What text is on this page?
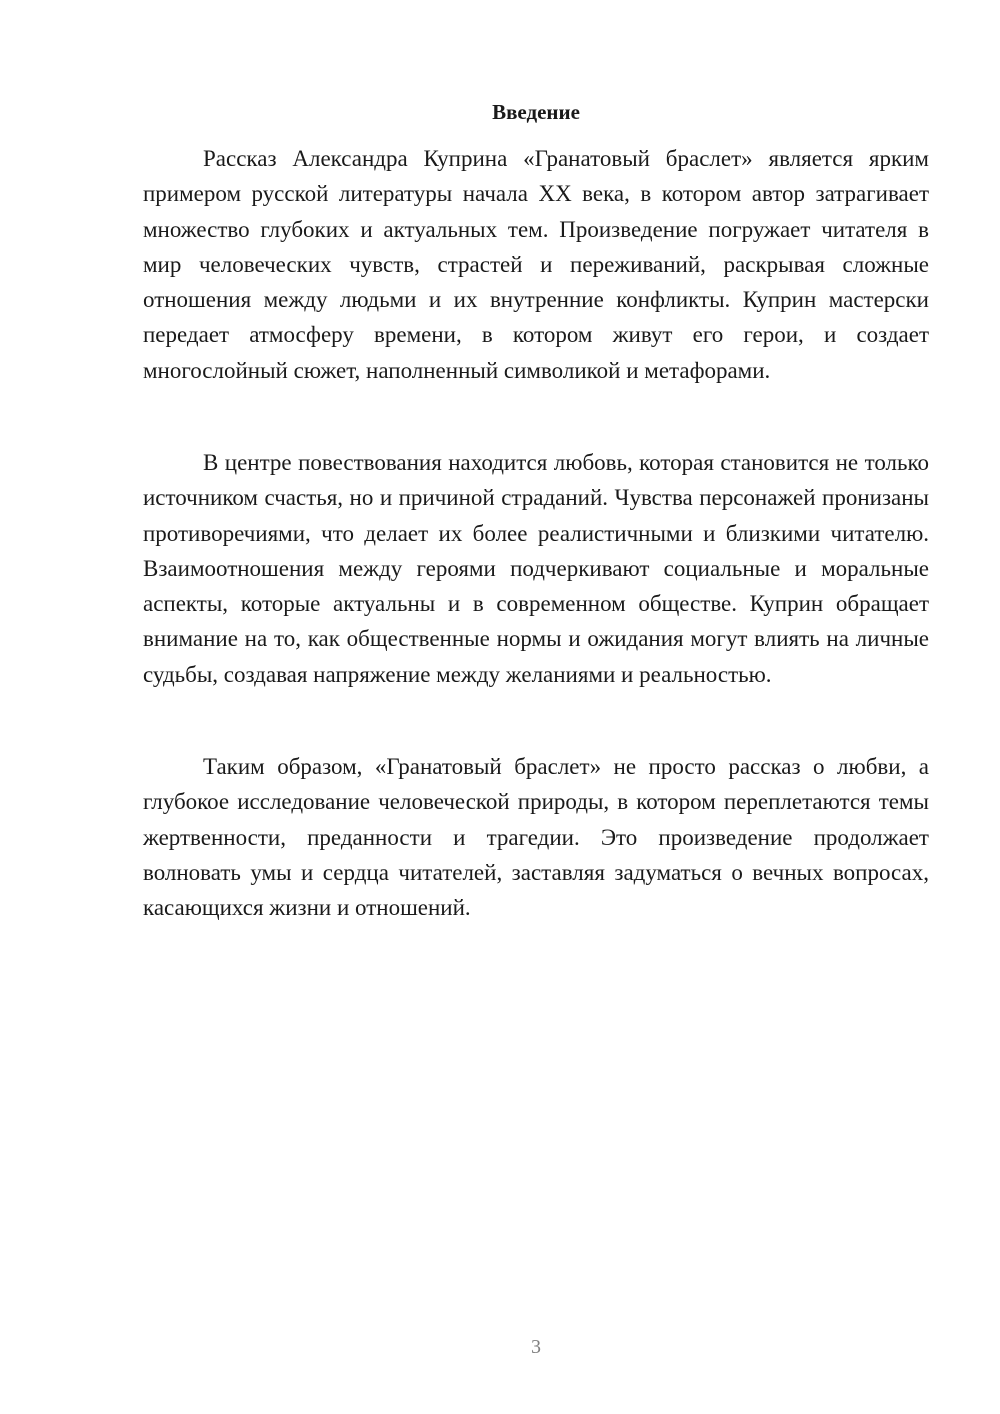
Введение

Рассказ Александра Куприна «Гранатовый браслет» является ярким примером русской литературы начала XX века, в котором автор затрагивает множество глубоких и актуальных тем. Произведение погружает читателя в мир человеческих чувств, страстей и переживаний, раскрывая сложные отношения между людьми и их внутренние конфликты. Куприн мастерски передает атмосферу времени, в котором живут его герои, и создает многослойный сюжет, наполненный символикой и метафорами.

В центре повествования находится любовь, которая становится не только источником счастья, но и причиной страданий. Чувства персонажей пронизаны противоречиями, что делает их более реалистичными и близкими читателю. Взаимоотношения между героями подчеркивают социальные и моральные аспекты, которые актуальны и в современном обществе. Куприн обращает внимание на то, как общественные нормы и ожидания могут влиять на личные судьбы, создавая напряжение между желаниями и реальностью.

Таким образом, «Гранатовый браслет» не просто рассказ о любви, а глубокое исследование человеческой природы, в котором переплетаются темы жертвенности, преданности и трагедии. Это произведение продолжает волновать умы и сердца читателей, заставляя задуматься о вечных вопросах, касающихся жизни и отношений.

3
